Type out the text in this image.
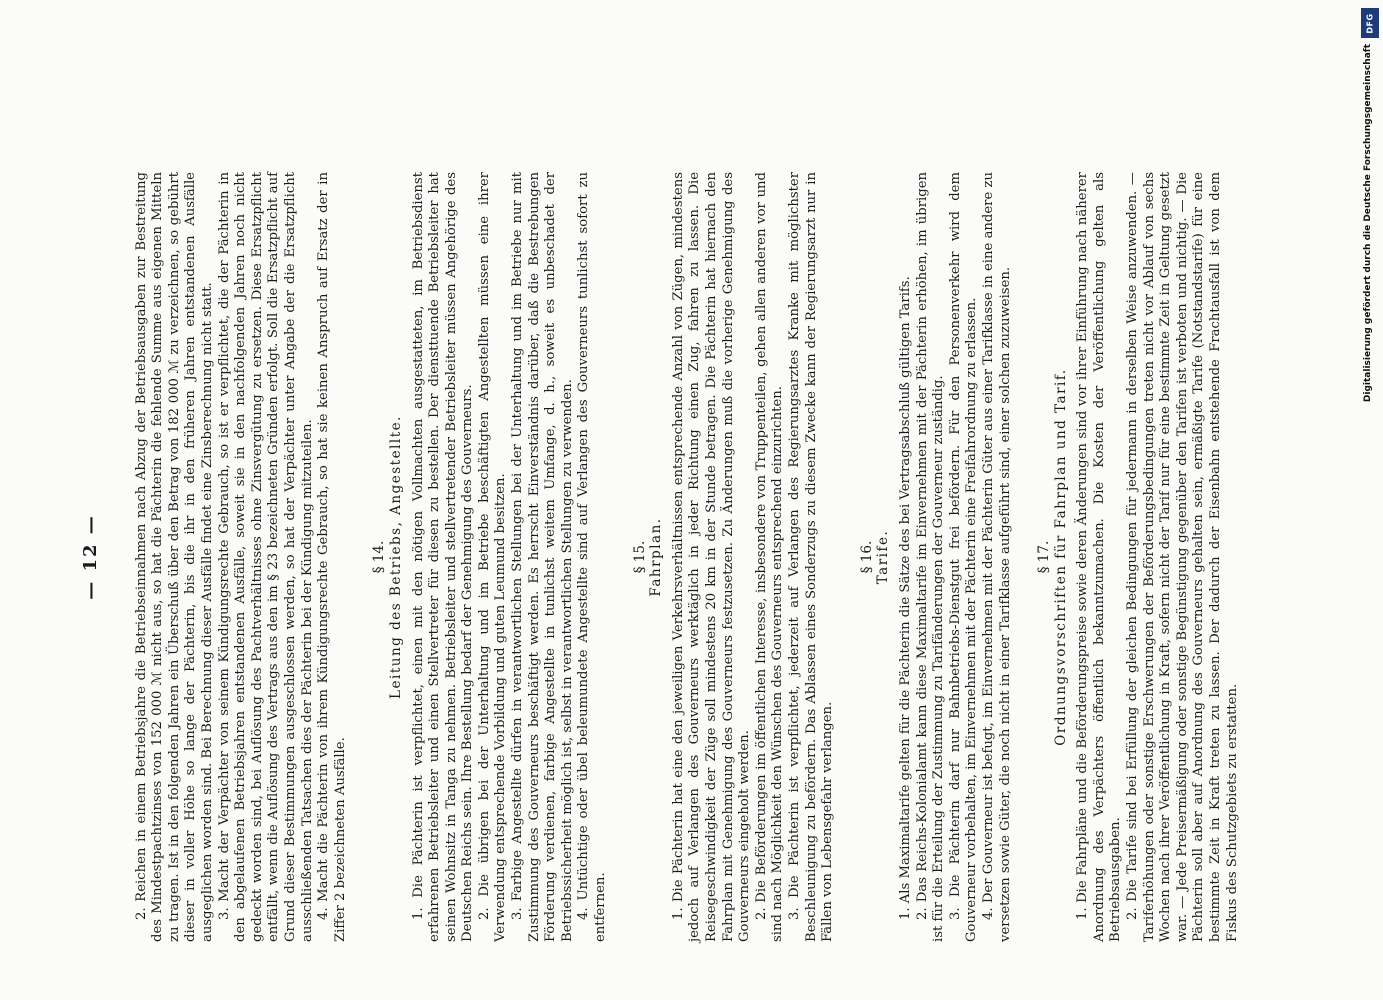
— 12 — 2. Reichen in einem Betriebsjahre die Betriebseinnahmen nach Abzug der Betriebsausgaben zur Bestreitung des Mindestpachtzinses von 152 000 ℳ nicht aus, so hat die Pächterin die fehlende Summe aus eigenen Mitteln zu tragen. Ist in den folgenden Jahren ein Überschuß über den Betrag von 182 000 ℳ zu verzeichnen, so gebührt dieser in voller Höhe so lange der Pächterin, bis die ihr in den früheren Jahren entstandenen Ausfälle ausgeglichen worden sind. Bei Berechnung dieser Ausfälle findet eine Zinsberechnung nicht statt. 3. Macht der Verpächter von seinem Kündigungsrechte Gebrauch, so ist er verpflichtet, die der Pächterin in den abgelaufenen Betriebsjahren entstandenen Ausfälle, soweit sie in den nachfolgenden Jahren noch nicht gedeckt worden sind, bei Auflösung des Pachtverhältnisses ohne Zinsvergütung zu ersetzen. Diese Ersatzpflicht entfällt, wenn die Auflösung des Vertrags aus den im § 23 bezeichneten Gründen erfolgt. Soll die Ersatzpflicht auf Grund dieser Bestimmungen ausgeschlossen werden, so hat der Verpächter unter Angabe der die Ersatzpflicht ausschließenden Tatsachen dies der Pächterin bei der Kündigung mitzuteilen. 4. Macht die Pächterin von ihrem Kündigungsrechte Gebrauch, so hat sie keinen Anspruch auf Ersatz der in Ziffer 2 bezeichneten Ausfälle.

§ 14. Leitung des Betriebs, Angestellte. 1. Die Pächterin ist verpflichtet, einen mit den nötigen Vollmachten ausgestatteten, im Betriebsdienst erfahrenen Betriebsleiter und einen Stellvertreter für diesen zu bestellen. Der diensttuende Betriebsleiter hat seinen Wohnsitz in Tanga zu nehmen. Betriebsleiter und stellvertretender Betriebsleiter müssen Angehörige des Deutschen Reichs sein. Ihre Bestellung bedarf der Genehmigung des Gouverneurs. 2. Die übrigen bei der Unterhaltung und im Betriebe beschäftigten Angestellten müssen eine ihrer Verwendung entsprechende Vorbildung und guten Leumund besitzen. 3. Farbige Angestellte dürfen in verantwortlichen Stellungen bei der Unterhaltung und im Betriebe nur mit Zustimmung des Gouverneurs beschäftigt werden. Es herrscht Einverständnis darüber, daß die Bestrebungen Förderung verdienen, farbige Angestellte in tunlichst weitem Umfange, d. h., soweit es unbeschadet der Betriebssicherheit möglich ist, selbst in verantwortlichen Stellungen zu verwenden. 4. Untüchtige oder übel beleumundete Angestellte sind auf Verlangen des Gouverneurs tunlichst sofort zu entfernen.

§ 15. Fahrplan. 1. Die Pächterin hat eine den jeweiligen Verkehrsverhältnissen entsprechende Anzahl von Zügen, mindestens jedoch auf Verlangen des Gouverneurs werktäglich in jeder Richtung einen Zug, fahren zu lassen. Die Reisegeschwindigkeit der Züge soll mindestens 20 km in der Stunde betragen. Die Pächterin hat hiernach den Fahrplan mit Genehmigung des Gouverneurs festzusetzen. Zu Änderungen muß die vorherige Genehmigung des Gouverneurs eingeholt werden. 2. Die Beförderungen im öffentlichen Interesse, insbesondere von Truppenteilen, gehen allen anderen vor und sind nach Möglichkeit den Wünschen des Gouverneurs entsprechend einzurichten. 3. Die Pächterin ist verpflichtet, jederzeit auf Verlangen des Regierungsarztes Kranke mit möglichster Beschleunigung zu befördern. Das Ablassen eines Sonderzugs zu diesem Zwecke kann der Regierungsarzt nur in Fällen von Lebensgefahr verlangen.

§ 16. Tarife. 1. Als Maximaltarife gelten für die Pächterin die Sätze des bei Vertragsabschluß gültigen Tarifs. 2. Das Reichs-Kolonialamt kann diese Maximaltarife im Einvernehmen mit der Pächterin erhöhen, im übrigen ist für die Erteilung der Zustimmung zu Tarifänderungen der Gouverneur zuständig. 3. Die Pächterin darf nur Bahnbetriebs-Dienstgut frei befördern. Für den Personenverkehr wird dem Gouverneur vorbehalten, im Einvernehmen mit der Pächterin eine Freifahrordnung zu erlassen. 4. Der Gouverneur ist befugt, im Einvernehmen mit der Pächterin Güter aus einer Tarifklasse in eine andere zu versetzen sowie Güter, die noch nicht in einer Tarifklasse aufgeführt sind, einer solchen zuzuweisen. § 17. Ordnungsvorschriften für Fahrplan und Tarif. 1. Die Fahrpläne und die Beförderungspreise sowie deren Änderungen sind vor ihrer Einführung nach näherer Anordnung des Verpächters öffentlich bekanntzumachen. Die Kosten der Veröffentlichung gelten als Betriebsausgaben. 2. Die Tarife sind bei Erfüllung der gleichen Bedingungen für jedermann in derselben Weise anzuwenden. — Tariferhöhungen oder sonstige Erschwerungen der Beförderungsbedingungen treten nicht vor Ablauf von sechs Wochen nach ihrer Veröffentlichung in Kraft, sofern nicht der Tarif nur für eine bestimmte Zeit in Geltung gesetzt war. — Jede Preisermäßigung oder sonstige Begünstigung gegenüber den Tarifen ist verboten und nichtig. — Die Pächterin soll aber auf Anordnung des Gouverneurs gehalten sein, ermäßigte Tarife (Notstandstarife) für eine bestimmte Zeit in Kraft treten zu lassen. Der dadurch der Eisenbahn entstehende Frachtausfall ist von dem Fiskus des Schutzgebiets zu erstatten.

DFG
Digitalisierung gefördert durch die Deutsche Forschungsgemeinschaft
